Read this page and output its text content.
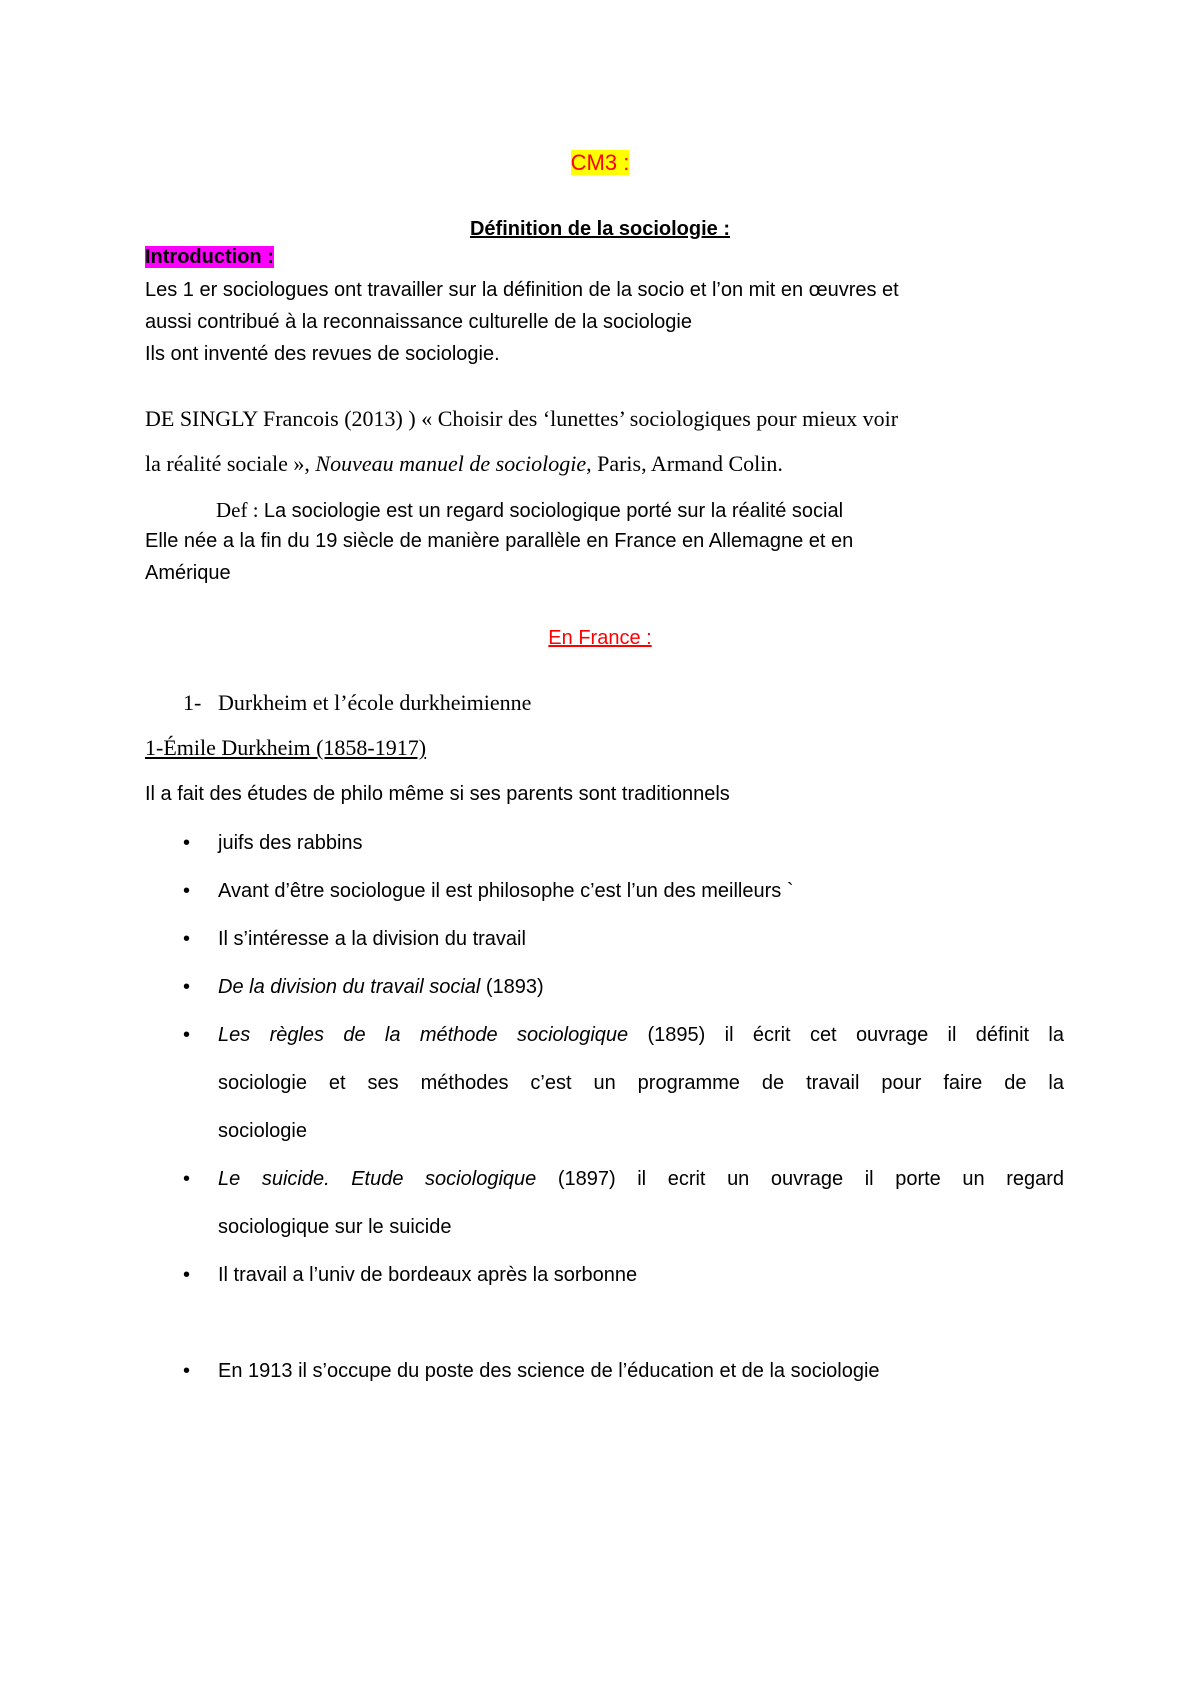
CM3 :
Définition de la sociologie :
Introduction :
Les 1 er sociologues ont travailler sur la définition de la socio et l’on mit en œuvres et
aussi contribué à la reconnaissance culturelle de la sociologie
Ils ont inventé des revues de sociologie.
DE SINGLY Francois (2013) ) « Choisir des ‘lunettes’ sociologiques pour mieux voir
la réalité sociale », Nouveau manuel de sociologie, Paris, Armand Colin.
Def : La sociologie est un regard sociologique porté sur la réalité social
Elle née a la fin du 19 siècle de manière parallèle en France en Allemagne et en
Amérique
En France :
1- Durkheim et l’école durkheimienne
1-Émile Durkheim (1858-1917)
Il a fait des études de philo même si ses parents sont traditionnels
• juifs des rabbins
• Avant d’être sociologue il est philosophe c’est l’un des meilleurs `
• Il s’intéresse a la division du travail
• De la division du travail social (1893)
• Les règles de la méthode sociologique (1895) il écrit cet ouvrage il définit la
sociologie et ses méthodes c’est un programme de travail pour faire de la
sociologie
• Le suicide. Etude sociologique (1897) il ecrit un ouvrage il porte un regard
sociologique sur le suicide
• Il travail a l’univ de bordeaux après la sorbonne
• En 1913 il s’occupe du poste des science de l’éducation et de la sociologie
